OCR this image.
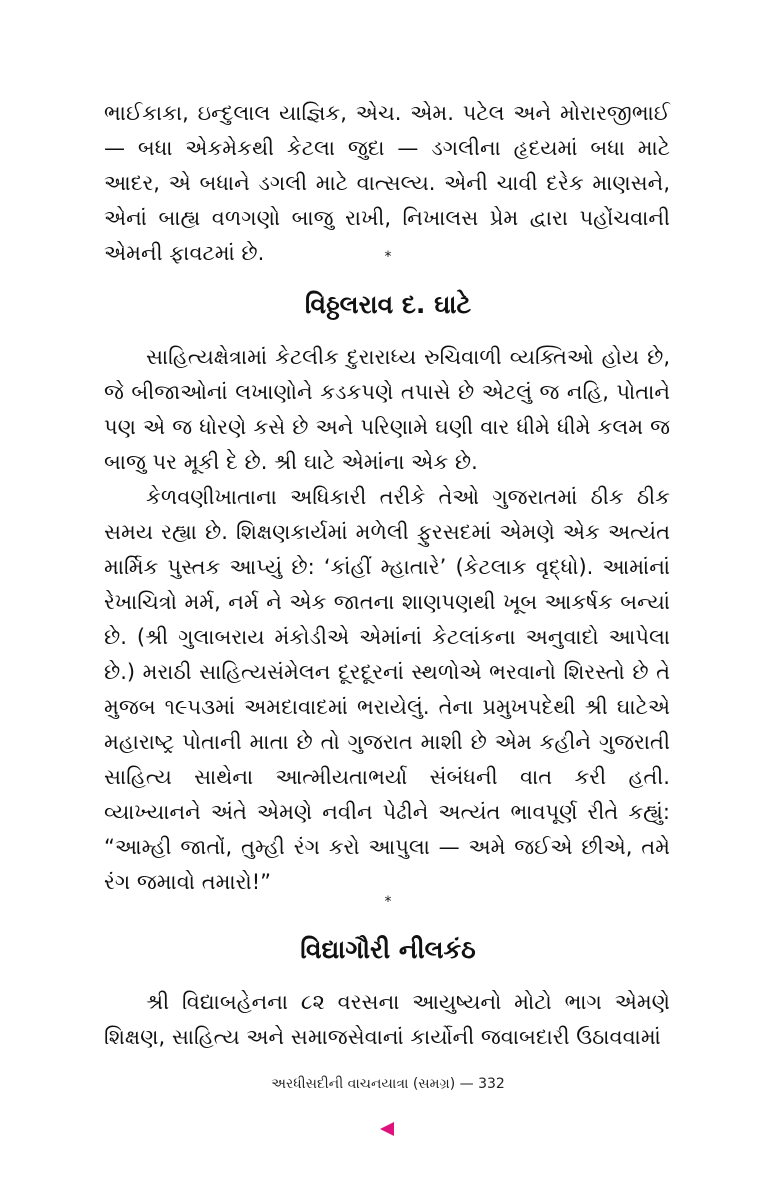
ભાઈકાકા, ઇન્દુલાલ યાજ્ઞિક, એચ. એમ. પટેલ અને મોરારજીભાઈ — બધા એકમેકથી કેટલા જુદા — ડગલીના હૃદયમાં બધા માટે આદર, એ બધાને ડગલી માટે વાત્સલ્ય. એની ચાવી દરેક માણસને, એનાં બાહ્ય વળગણો બાજુ રાખી, નિખાલસ પ્રેમ દ્વારા પહોંચવાની એમની ફાવટમાં છે.	*
વિઠ્ઠલરાવ દ. ઘાટે

સાહિત્યક્ષેત્રામાં કેટલીક દુરારાધ્ય રુચિવાળી વ્યક્તિઓ હોય છે, જે બીજાઓનાં લખાણોને કડકપણે તપાસે છે એટલું જ નહિ, પોતાને પણ એ જ ધોરણે કસે છે અને પરિણામે ઘણી વાર ધીમે ધીમે કલમ જ બાજુ પર મૂકી દે છે. શ્રી ઘાટે એમાંના એક છે.

કેળવણીખાતાના અધિકારી તરીકે તેઓ ગુજરાતમાં ઠીક ઠીક સમય રહ્યા છે. શિક્ષણકાર્યમાં મળેલી ફુરસદમાં એમણે એક અત્યંત માર્મિક પુસ્તક આપ્યું છે: ‘કાંહીં મ્હાતારે’ (કેટલાક વૃદ્ધો). આમાંનાં રેખાચિત્રો મર્મ, નર્મ ને એક જાતના શાણપણથી ખૂબ આકર્ષક બન્યાં છે. (શ્રી ગુલાબરાય મંકોડીએ એમાંનાં કેટલાંકના અનુવાદો આપેલા છે.) મરાઠી સાહિત્યસંમેલન દૂરદૂરનાં સ્થળોએ ભરવાનો શિરસ્તો છે તે મુજબ ૧૯૫૩માં અમદાવાદમાં ભરાયેલું. તેના પ્રમુખપદેથી શ્રી ઘાટેએ મહારાષ્ટ્ર પોતાની માતા છે તો ગુજરાત માશી છે એમ કહીને ગુજરાતી સાહિત્ય સાથેના આત્મીયતાભર્યા સંબંધની વાત કરી હતી. વ્યાખ્યાનને અંતે એમણે નવીન પેઢીને અત્યંત ભાવપૂર્ણ રીતે કહ્યું: “આમ્હી જાતોં, તુમ્હી રંગ કરો આપુલા — અમે જઈએ છીએ, તમે રંગ જમાવો તમારો!”

*
વિદ્યાગૌરી નીલકંઠ

શ્રી વિદ્યાબહેનના ૮૨ વરસના આયુષ્યનો મોટો ભાગ એમણે શિક્ષણ, સાહિત્ય અને સમાજસેવાનાં કાર્યોની જવાબદારી ઉઠાવવામાં

અરધીસદીની વાચનયાત્રા (સમગ્ર) — 332
